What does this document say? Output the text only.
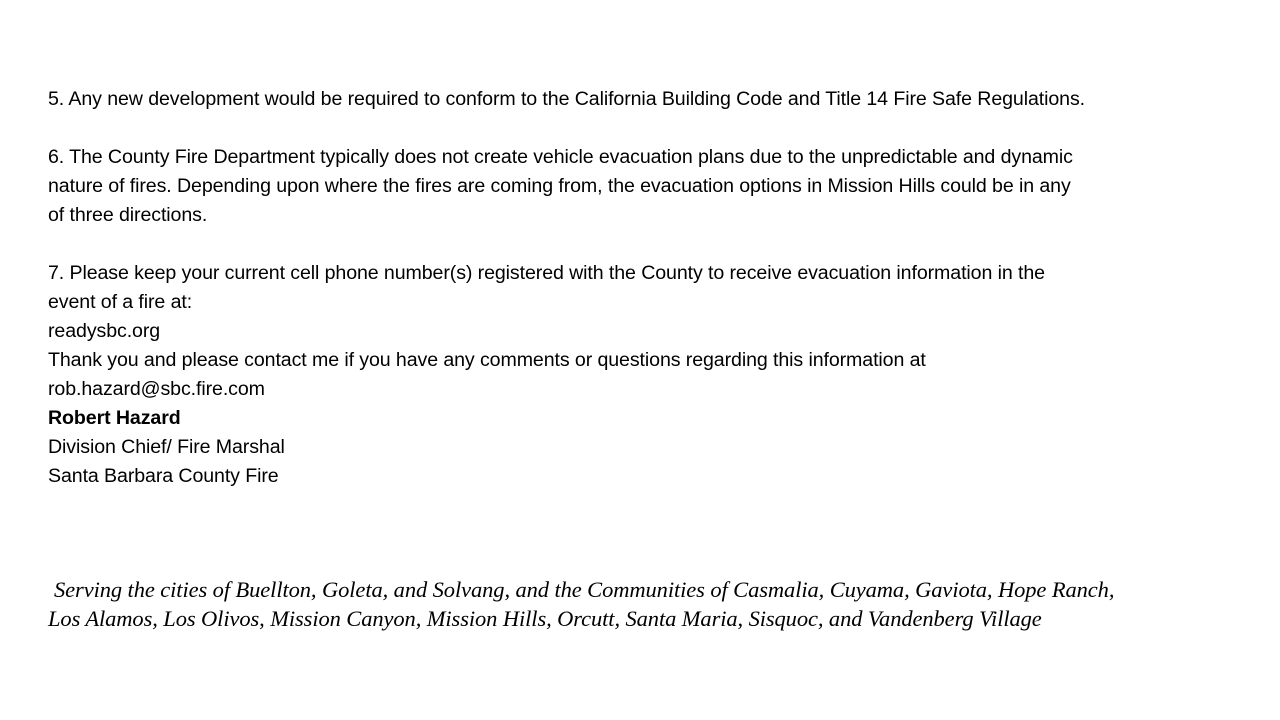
5. Any new development would be required to conform to the California Building Code and Title 14 Fire Safe Regulations.

6. The County Fire Department typically does not create vehicle evacuation plans due to the unpredictable and dynamic

nature of fires. Depending upon where the fires are coming from, the evacuation options in Mission Hills could be in any

of three directions.

7. Please keep your current cell phone number(s) registered with the County to receive evacuation information in the

event of a fire at:

readysbc.org

Thank you and please contact me if you have any comments or questions regarding this information at

rob.hazard@sbc.fire.com

Robert Hazard

Division Chief/ Fire Marshal

Santa Barbara County Fire

Serving the cities of Buellton, Goleta, and Solvang, and the Communities of Casmalia, Cuyama, Gaviota, Hope Ranch,

Los Alamos, Los Olivos, Mission Canyon, Mission Hills, Orcutt, Santa Maria, Sisquoc, and Vandenberg Village
